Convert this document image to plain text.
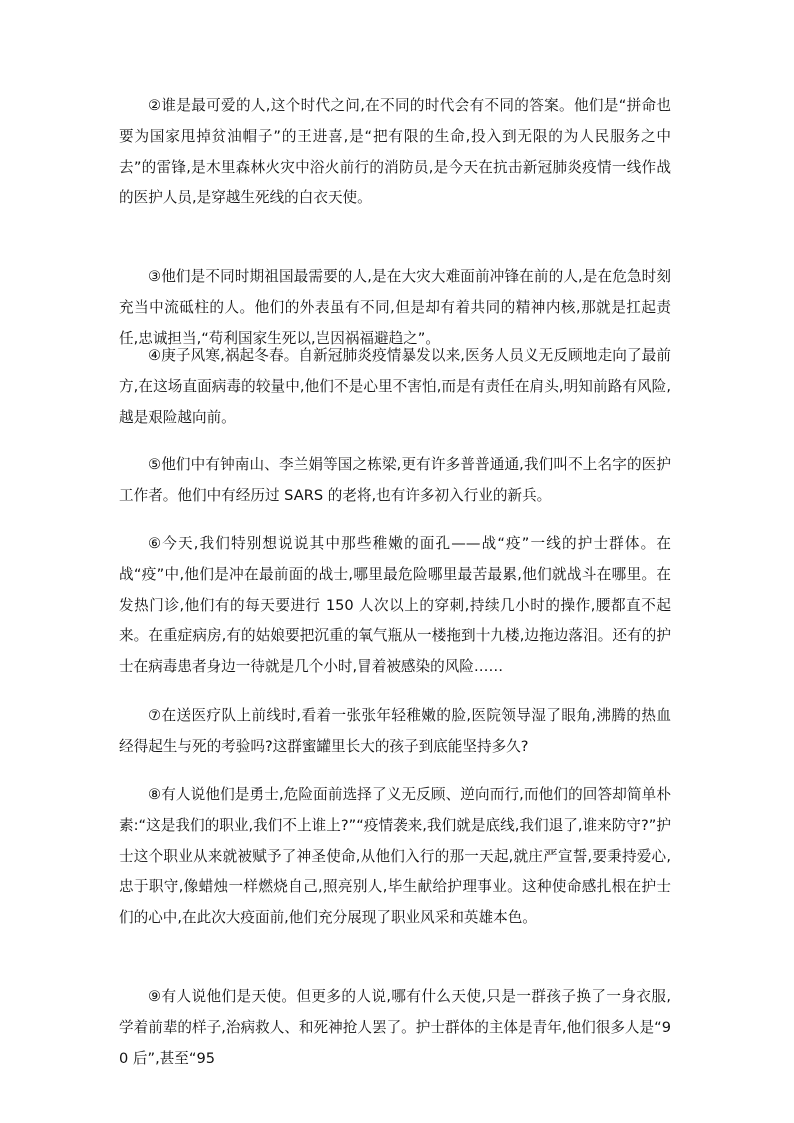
②谁是最可爱的人,这个时代之问,在不同的时代会有不同的答案。他们是“拼命也要为国家甩掉贫油帽子”的王进喜,是“把有限的生命,投入到无限的为人民服务之中去”的雷锋,是木里森林火灾中浴火前行的消防员,是今天在抗击新冠肺炎疫情一线作战的医护人员,是穿越生死线的白衣天使。

③他们是不同时期祖国最需要的人,是在大灾大难面前冲锋在前的人,是在危急时刻充当中流砥柱的人。他们的外表虽有不同,但是却有着共同的精神内核,那就是扛起责任,忠诚担当,“苟利国家生死以,岂因祸福避趋之”。

④庚子风寒,祸起冬春。自新冠肺炎疫情暴发以来,医务人员义无反顾地走向了最前方,在这场直面病毒的较量中,他们不是心里不害怕,而是有责任在肩头,明知前路有风险,越是艰险越向前。

⑤他们中有钟南山、李兰娟等国之栋梁,更有许多普普通通,我们叫不上名字的医护工作者。他们中有经历过 SARS 的老将,也有许多初入行业的新兵。

⑥今天,我们特别想说说其中那些稚嫩的面孔——战“疫”一线的护士群体。在战“疫”中,他们是冲在最前面的战士,哪里最危险哪里最苦最累,他们就战斗在哪里。在发热门诊,他们有的每天要进行 150 人次以上的穿刺,持续几小时的操作,腰都直不起来。在重症病房,有的姑娘要把沉重的氧气瓶从一楼拖到十九楼,边拖边落泪。还有的护士在病毒患者身边一待就是几个小时,冒着被感染的风险……

⑦在送医疗队上前线时,看着一张张年轻稚嫩的脸,医院领导湿了眼角,沸腾的热血经得起生与死的考验吗?这群蜜罐里长大的孩子到底能坚持多久?

⑧有人说他们是勇士,危险面前选择了义无反顾、逆向而行,而他们的回答却简单朴素:“这是我们的职业,我们不上谁上?”“疫情袭来,我们就是底线,我们退了,谁来防守?”护士这个职业从来就被赋予了神圣使命,从他们入行的那一天起,就庄严宣誓,要秉持爱心,忠于职守,像蜡烛一样燃烧自己,照亮别人,毕生献给护理事业。这种使命感扎根在护士们的心中,在此次大疫面前,他们充分展现了职业风采和英雄本色。

⑨有人说他们是天使。但更多的人说,哪有什么天使,只是一群孩子换了一身衣服,学着前辈的样子,治病救人、和死神抢人罢了。护士群体的主体是青年,他们很多人是“90 后”,甚至“95
